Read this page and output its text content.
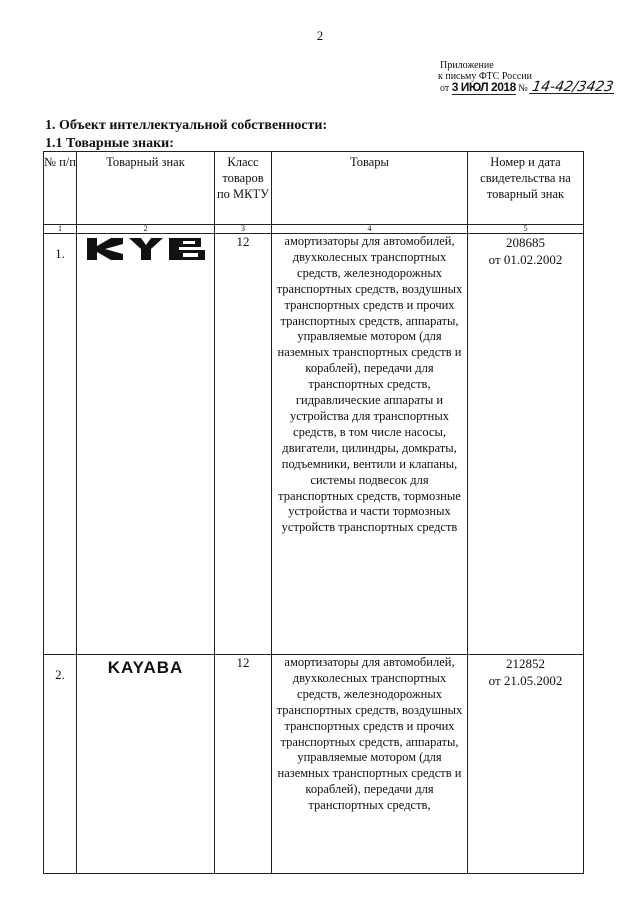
2
Приложение
к письму ФТС России
от 3 ИЮЛ 2018 № 14-42/3423
1. Объект интеллектуальной собственности:
1.1 Товарные знаки:
№ п/п	Товарный знак	Класс товаров по МКТУ	Товары	Номер и дата свидетельства на товарный знак
1	2	3	4	5
1.		12	амортизаторы для автомобилей, двухколесных транспортных средств, железнодорожных транспортных средств, воздушных транспортных средств и прочих транспортных средств, аппараты, управляемые мотором (для наземных транспортных средств и кораблей), передачи для транспортных средств, гидравлические аппараты и устройства для транспортных средств, в том числе насосы, двигатели, цилиндры, домкраты, подъемники, вентили и клапаны, системы подвесок для транспортных средств, тормозные устройства и части тормозных устройств транспортных средств	208685
от 01.02.2002

2.	KAYABA	12	амортизаторы для автомобилей, двухколесных транспортных средств, железнодорожных транспортных средств, воздушных транспортных средств и прочих транспортных средств, аппараты, управляемые мотором (для наземных транспортных средств и кораблей), передачи для транспортных средств,	212852
от 21.05.2002
